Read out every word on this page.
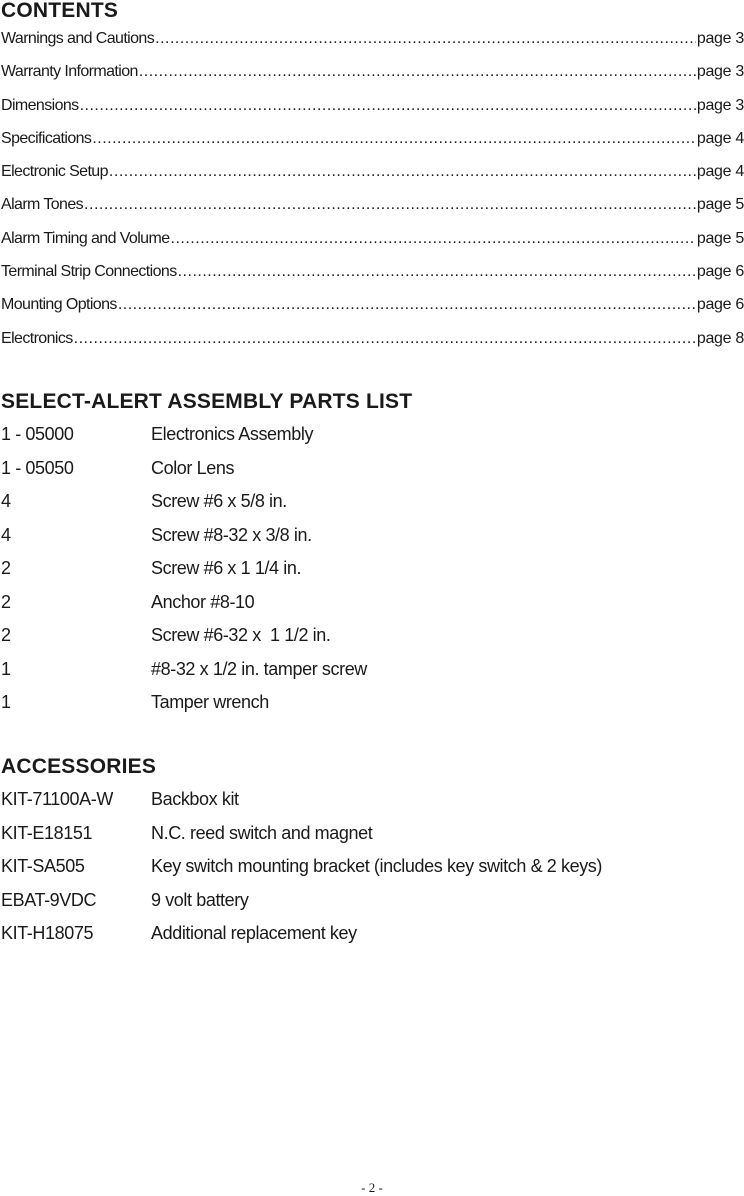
CONTENTS
Warnings and Cautions .....	page 3
Warranty Information .....	page 3
Dimensions .....	page 3
Specifications .....	page 4
Electronic Setup .....	page 4
Alarm Tones .....	page 5
Alarm Timing and Volume .....	page 5
Terminal Strip Connections .....	page 6
Mounting Options .....	page 6
Electronics .....	page 8
SELECT-ALERT ASSEMBLY PARTS LIST
1 - 05000	Electronics Assembly
1 - 05050	Color Lens
4	Screw #6 x 5/8 in.
4	Screw #8-32 x 3/8 in.
2	Screw #6 x 1 1/4 in.
2	Anchor #8-10
2	Screw #6-32 x  1 1/2 in.
1	#8-32 x 1/2 in. tamper screw
1	Tamper wrench
ACCESSORIES
KIT-71100A-W	Backbox kit
KIT-E18151	N.C. reed switch and magnet
KIT-SA505	Key switch mounting bracket (includes key switch & 2 keys)
EBAT-9VDC	9 volt battery
KIT-H18075	Additional replacement key

- 2 -
